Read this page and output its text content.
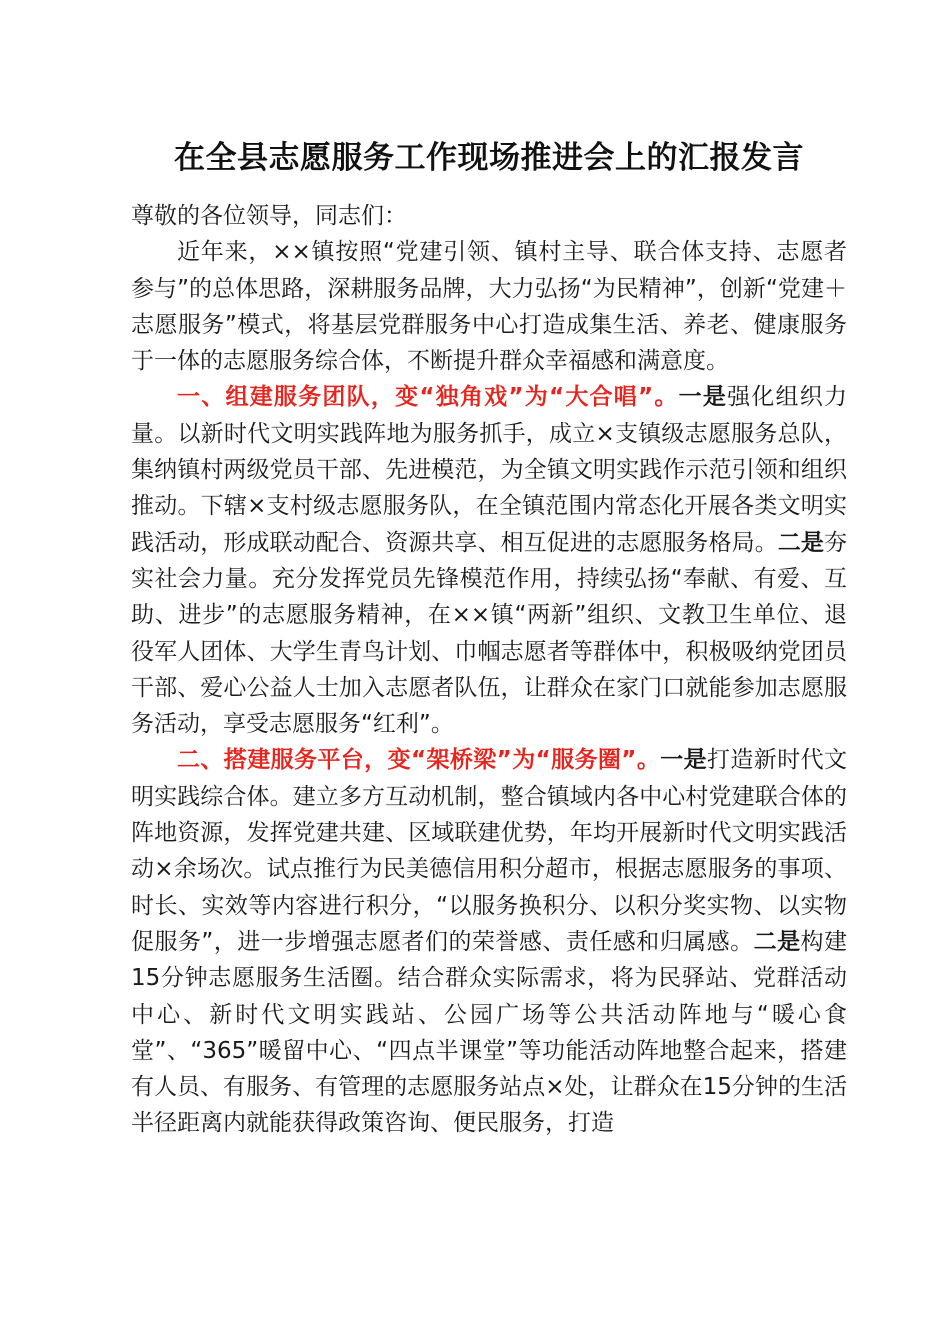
在全县志愿服务工作现场推进会上的汇报发言

尊敬的各位领导，同志们：

近年来，××镇按照“党建引领、镇村主导、联合体支持、志愿者参与”的总体思路，深耕服务品牌，大力弘扬“为民精神”，创新“党建＋志愿服务”模式，将基层党群服务中心打造成集生活、养老、健康服务于一体的志愿服务综合体，不断提升群众幸福感和满意度。

一、组建服务团队，变“独角戏”为“大合唱”。一是强化组织力量。以新时代文明实践阵地为服务抓手，成立×支镇级志愿服务总队，集纳镇村两级党员干部、先进模范，为全镇文明实践作示范引领和组织推动。下辖×支村级志愿服务队，在全镇范围内常态化开展各类文明实践活动，形成联动配合、资源共享、相互促进的志愿服务格局。二是夯实社会力量。充分发挥党员先锋模范作用，持续弘扬“奉献、有爱、互助、进步”的志愿服务精神，在××镇“两新”组织、文教卫生单位、退役军人团体、大学生青鸟计划、巾帼志愿者等群体中，积极吸纳党团员干部、爱心公益人士加入志愿者队伍，让群众在家门口就能参加志愿服务活动，享受志愿服务“红利”。

二、搭建服务平台，变“架桥梁”为“服务圈”。一是打造新时代文明实践综合体。建立多方互动机制，整合镇域内各中心村党建联合体的阵地资源，发挥党建共建、区域联建优势，年均开展新时代文明实践活动×余场次。试点推行为民美德信用积分超市，根据志愿服务的事项、时长、实效等内容进行积分，“以服务换积分、以积分奖实物、以实物促服务”，进一步增强志愿者们的荣誉感、责任感和归属感。二是构建15分钟志愿服务生活圈。结合群众实际需求，将为民驿站、党群活动中心、新时代文明实践站、公园广场等公共活动阵地与“暖心食堂”、“365”暖留中心、“四点半课堂”等功能活动阵地整合起来，搭建有人员、有服务、有管理的志愿服务站点×处，让群众在15分钟的生活半径距离内就能获得政策咨询、便民服务，打造
